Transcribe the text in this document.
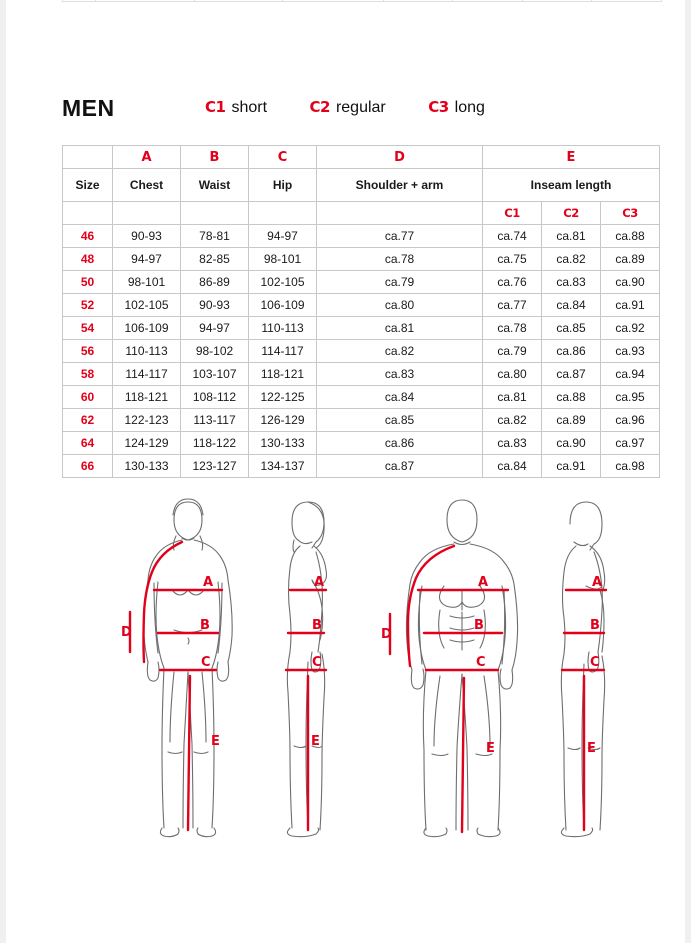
MEN	C1 short	C2 regular	C3 long
	A	B	C	D	E		
Size	Chest	Waist	Hip	Shoulder + arm	Inseam length		
					C1	C2	C3
46	90-93	78-81	94-97	ca.77	ca.74	ca.81	ca.88
48	94-97	82-85	98-101	ca.78	ca.75	ca.82	ca.89
50	98-101	86-89	102-105	ca.79	ca.76	ca.83	ca.90
52	102-105	90-93	106-109	ca.80	ca.77	ca.84	ca.91
54	106-109	94-97	110-113	ca.81	ca.78	ca.85	ca.92
56	110-113	98-102	114-117	ca.82	ca.79	ca.86	ca.93
58	114-117	103-107	118-121	ca.83	ca.80	ca.87	ca.94
60	118-121	108-112	122-125	ca.84	ca.81	ca.88	ca.95
62	122-123	113-117	126-129	ca.85	ca.82	ca.89	ca.96
64	124-129	118-122	130-133	ca.86	ca.83	ca.90	ca.97
66	130-133	123-127	134-137	ca.87	ca.84	ca.91	ca.98
A
B
C
D
E
A
B
C
E
A
B
C
D
E
A
B
C
E
